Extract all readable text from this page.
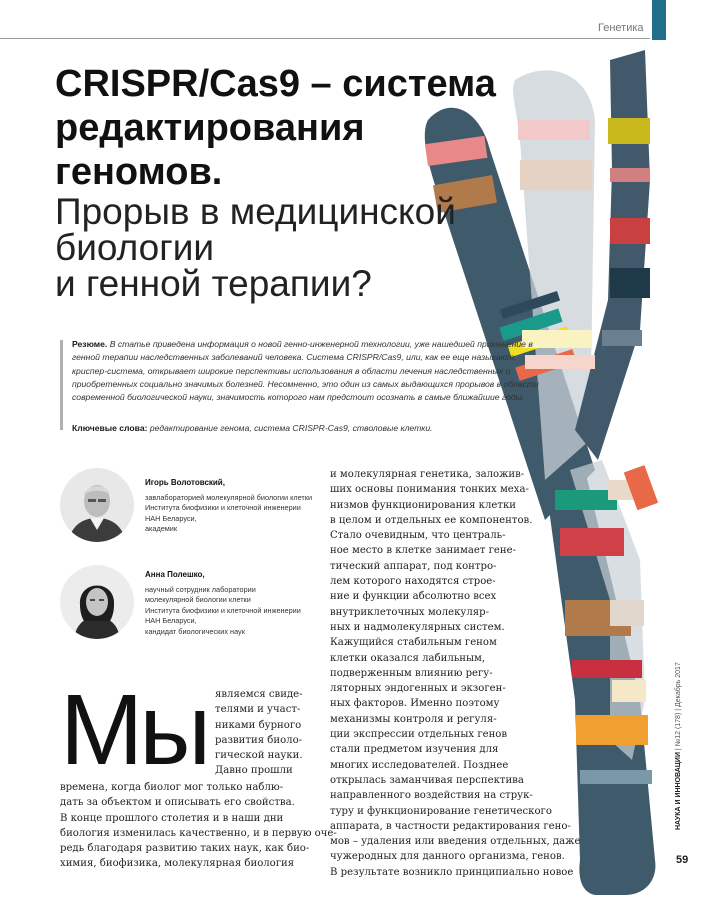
Генетика
CRISPR/Cas9 – система
редактирования
геномов.
Прорыв в медицинской
биологии
и генной терапии?
Резюме. В статье приведена информация о новой генно-инженерной технологии, уже нашедшей применение в генной терапии наследственных заболеваний человека. Система CRISPR/Cas9, или, как ее еще называют, криспер-система, открывает широкие перспективы использования в области лечения наследственных и приобретенных социально значимых болезней. Несомненно, это один из самых выдающихся прорывов в области современной биологической науки, значимость которого нам предстоит осознать в самые ближайшие годы.
Ключевые слова: редактирование генома, система CRISPR-Cas9, стволовые клетки.
Игорь Волотовский,
завлабораторией молекулярной биологии клетки
Института биофизики и клеточной инженерии
НАН Беларуси,
академик
Анна Полешко,
научный сотрудник лаборатории
молекулярной биологии клетки
Института биофизики и клеточной инженерии
НАН Беларуси,
кандидат биологических наук
Мы являемся свиде-
телями и участ-
никами бурного
развития биоло-
гической науки.
Давно прошли
времена, когда биолог мог только наблю-
дать за объектом и описывать его свойства.
В конце прошлого столетия и в наши дни
биология изменилась качественно, и в первую оче-
редь благодаря развитию таких наук, как био-
химия, биофизика, молекулярная биология
и молекулярная генетика, заложив-
ших основы понимания тонких меха-
низмов функционирования клетки
в целом и отдельных ее компонентов.
Стало очевидным, что централь-
ное место в клетке занимает гене-
тический аппарат, под контро-
лем которого находятся строе-
ние и функции абсолютно всех
внутриклеточных молекуляр-
ных и надмолекулярных систем.
Кажущийся стабильным геном
клетки оказался лабильным,
подверженным влиянию регу-
ляторных эндогенных и экзоген-
ных факторов. Именно поэтому
механизмы контроля и регуля-
ции экспрессии отдельных генов
стали предметом изучения для
многих исследователей. Позднее
открылась заманчивая перспектива
направленного воздействия на струк-
туру и функционирование генетического
аппарата, в частности редактирования гено-
мов – удаления или введения отдельных, даже
чужеродных для данного организма, генов.
В результате возникло принципиально новое
НАУКА И ИННОВАЦИИ | №12 (178) | Декабрь 2017
59
